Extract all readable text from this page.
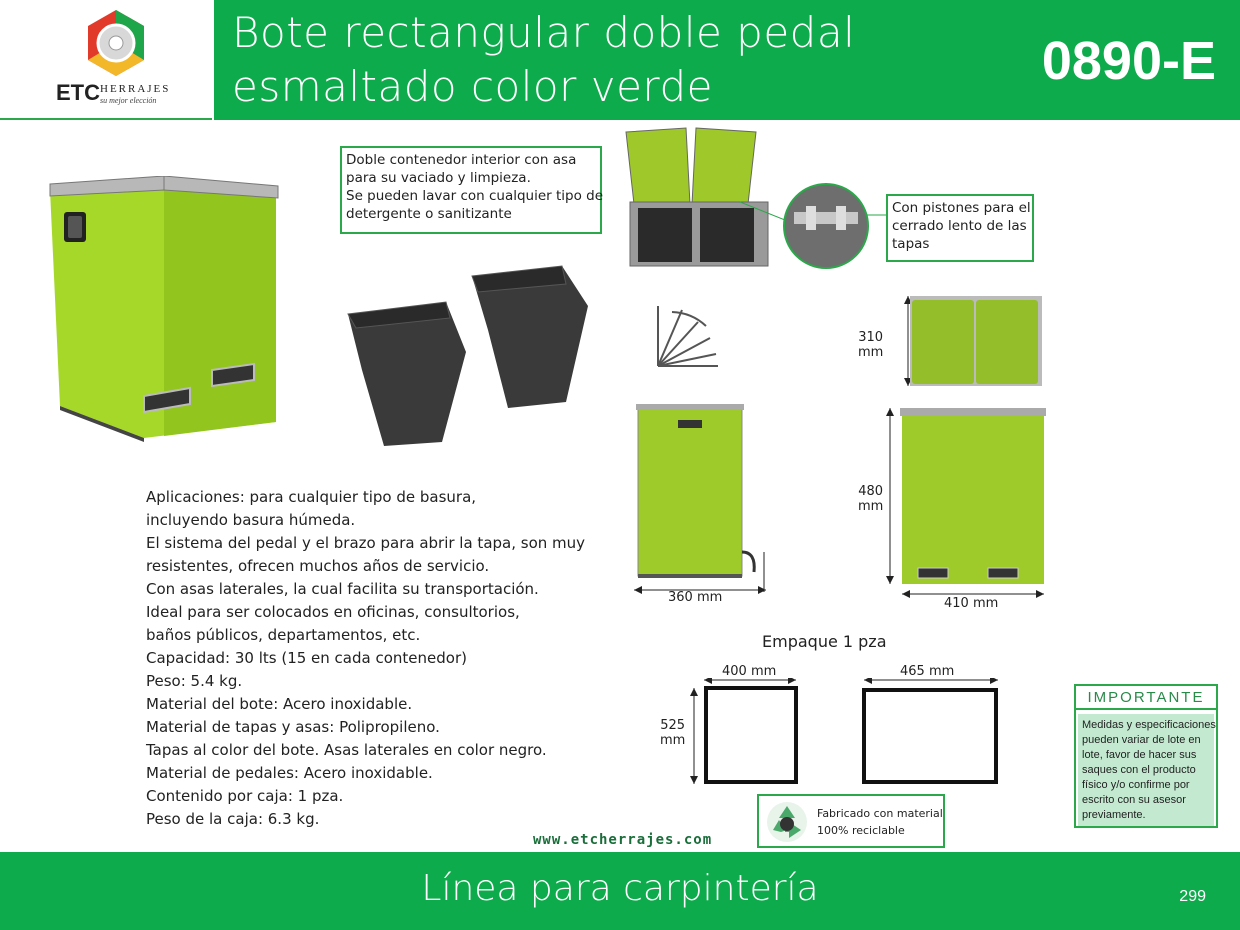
ETC HERRAJES
su mejor elección
Bote rectangular doble pedal
esmaltado color verde	0890-E
Doble contenedor interior con asa
para su vaciado y limpieza.
Se pueden lavar con cualquier tipo de
detergente o sanitizante	Con pistones para el
cerrado lento de las
tapas
310
mm
360 mm
480
mm
410 mm
Aplicaciones: para cualquier tipo de basura,
incluyendo basura húmeda.
El sistema del pedal y el brazo para abrir la tapa, son muy
resistentes, ofrecen muchos años de servicio.
Con asas laterales, la cual facilita su transportación.
Ideal para ser colocados en oficinas, consultorios,
baños públicos, departamentos, etc.
Capacidad: 30 lts (15 en cada contenedor)
Peso: 5.4 kg.
Material del bote: Acero inoxidable.
Material de tapas y asas: Polipropileno.
Tapas al color del bote. Asas laterales en color negro.
Material de pedales: Acero inoxidable.
Contenido por caja: 1 pza.
Peso de la caja: 6.3 kg.
Empaque 1 pza
400 mm	465 mm
525
mm
Fabricado con material
100% reciclable
www.etcherrajes.com
IMPORTANTE
Medidas y especificaciones
pueden variar de lote en
lote, favor de hacer sus
saques con el producto
físico y/o confirme por
escrito con su asesor
previamente.
Línea para carpintería	299
